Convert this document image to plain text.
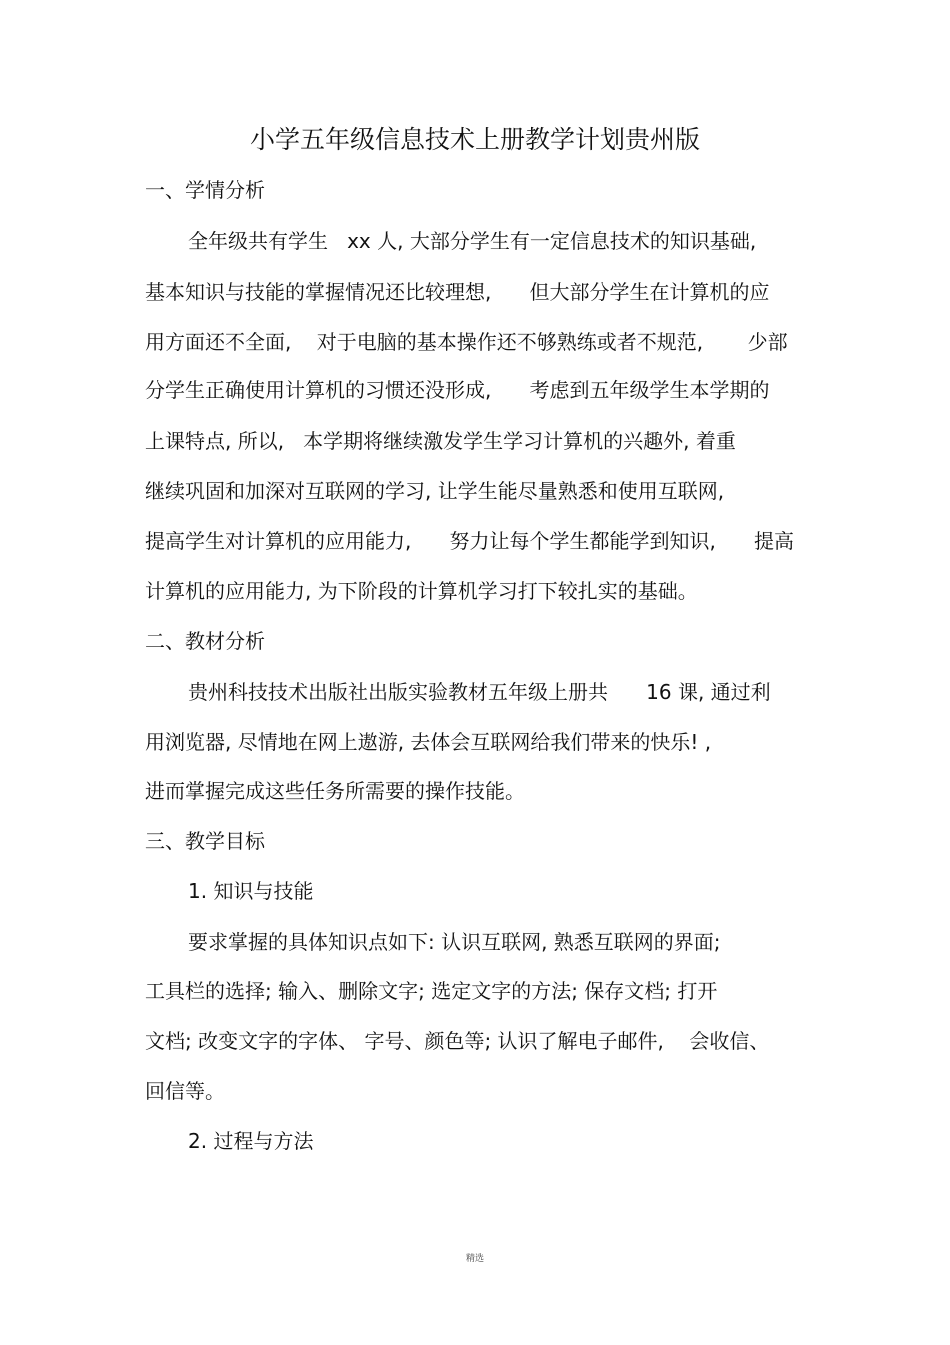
小学五年级信息技术上册教学计划贵州版
一、学情分析
全年级共有学生   xx 人, 大部分学生有一定信息技术的知识基础,
基本知识与技能的掌握情况还比较理想,      但大部分学生在计算机的应
用方面还不全面,    对于电脑的基本操作还不够熟练或者不规范,       少部
分学生正确使用计算机的习惯还没形成,      考虑到五年级学生本学期的
上课特点, 所以,   本学期将继续激发学生学习计算机的兴趣外, 着重
继续巩固和加深对互联网的学习, 让学生能尽量熟悉和使用互联网,
提高学生对计算机的应用能力,      努力让每个学生都能学到知识,      提高
计算机的应用能力, 为下阶段的计算机学习打下较扎实的基础。
二、教材分析
贵州科技技术出版社出版实验教材五年级上册共      16 课, 通过利
用浏览器, 尽情地在网上遨游, 去体会互联网给我们带来的快乐! ,
进而掌握完成这些任务所需要的操作技能。
三、教学目标
1. 知识与技能
要求掌握的具体知识点如下: 认识互联网, 熟悉互联网的界面;
工具栏的选择; 输入、删除文字; 选定文字的方法; 保存文档; 打开
文档; 改变文字的字体、 字号、颜色等; 认识了解电子邮件,    会收信、
回信等。
2. 过程与方法
精选
